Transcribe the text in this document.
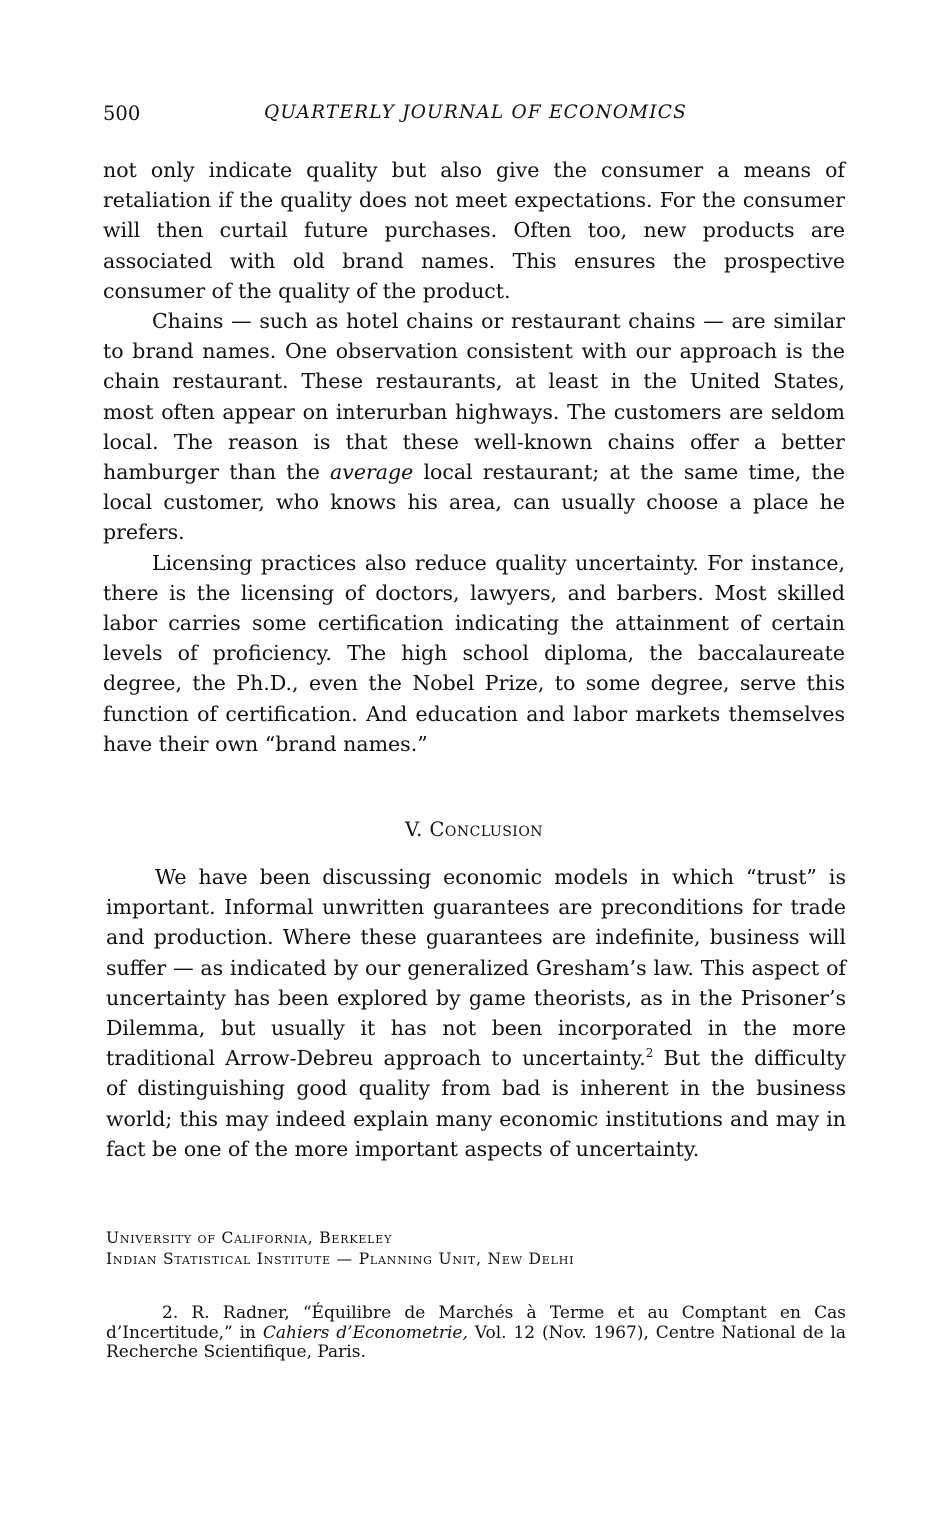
500	QUARTERLY JOURNAL OF ECONOMICS

not only indicate quality but also give the consumer a means of retaliation if the quality does not meet expectations. For the consumer will then curtail future purchases. Often too, new products are associated with old brand names. This ensures the prospective consumer of the quality of the product.

Chains — such as hotel chains or restaurant chains — are similar to brand names. One observation consistent with our approach is the chain restaurant. These restaurants, at least in the United States, most often appear on interurban highways. The customers are seldom local. The reason is that these well-known chains offer a better hamburger than the average local restaurant; at the same time, the local customer, who knows his area, can usually choose a place he prefers.

Licensing practices also reduce quality uncertainty. For instance, there is the licensing of doctors, lawyers, and barbers. Most skilled labor carries some certification indicating the attainment of certain levels of proficiency. The high school diploma, the baccalaureate degree, the Ph.D., even the Nobel Prize, to some degree, serve this function of certification. And education and labor markets themselves have their own “brand names.”

V. Conclusion

We have been discussing economic models in which “trust” is important. Informal unwritten guarantees are preconditions for trade and production. Where these guarantees are indefinite, business will suffer — as indicated by our generalized Gresham’s law. This aspect of uncertainty has been explored by game theorists, as in the Prisoner’s Dilemma, but usually it has not been incorporated in the more traditional Arrow-Debreu approach to uncertainty.$^2$ But the difficulty of distinguishing good quality from bad is inherent in the business world; this may indeed explain many economic institutions and may in fact be one of the more important aspects of uncertainty.

University of California, Berkeley
Indian Statistical Institute — Planning Unit, New Delhi

2. R. Radner, “Équilibre de Marchés à Terme et au Comptant en Cas d’Incertitude,” in Cahiers d’Econometrie, Vol. 12 (Nov. 1967), Centre National de la Recherche Scientifique, Paris.
